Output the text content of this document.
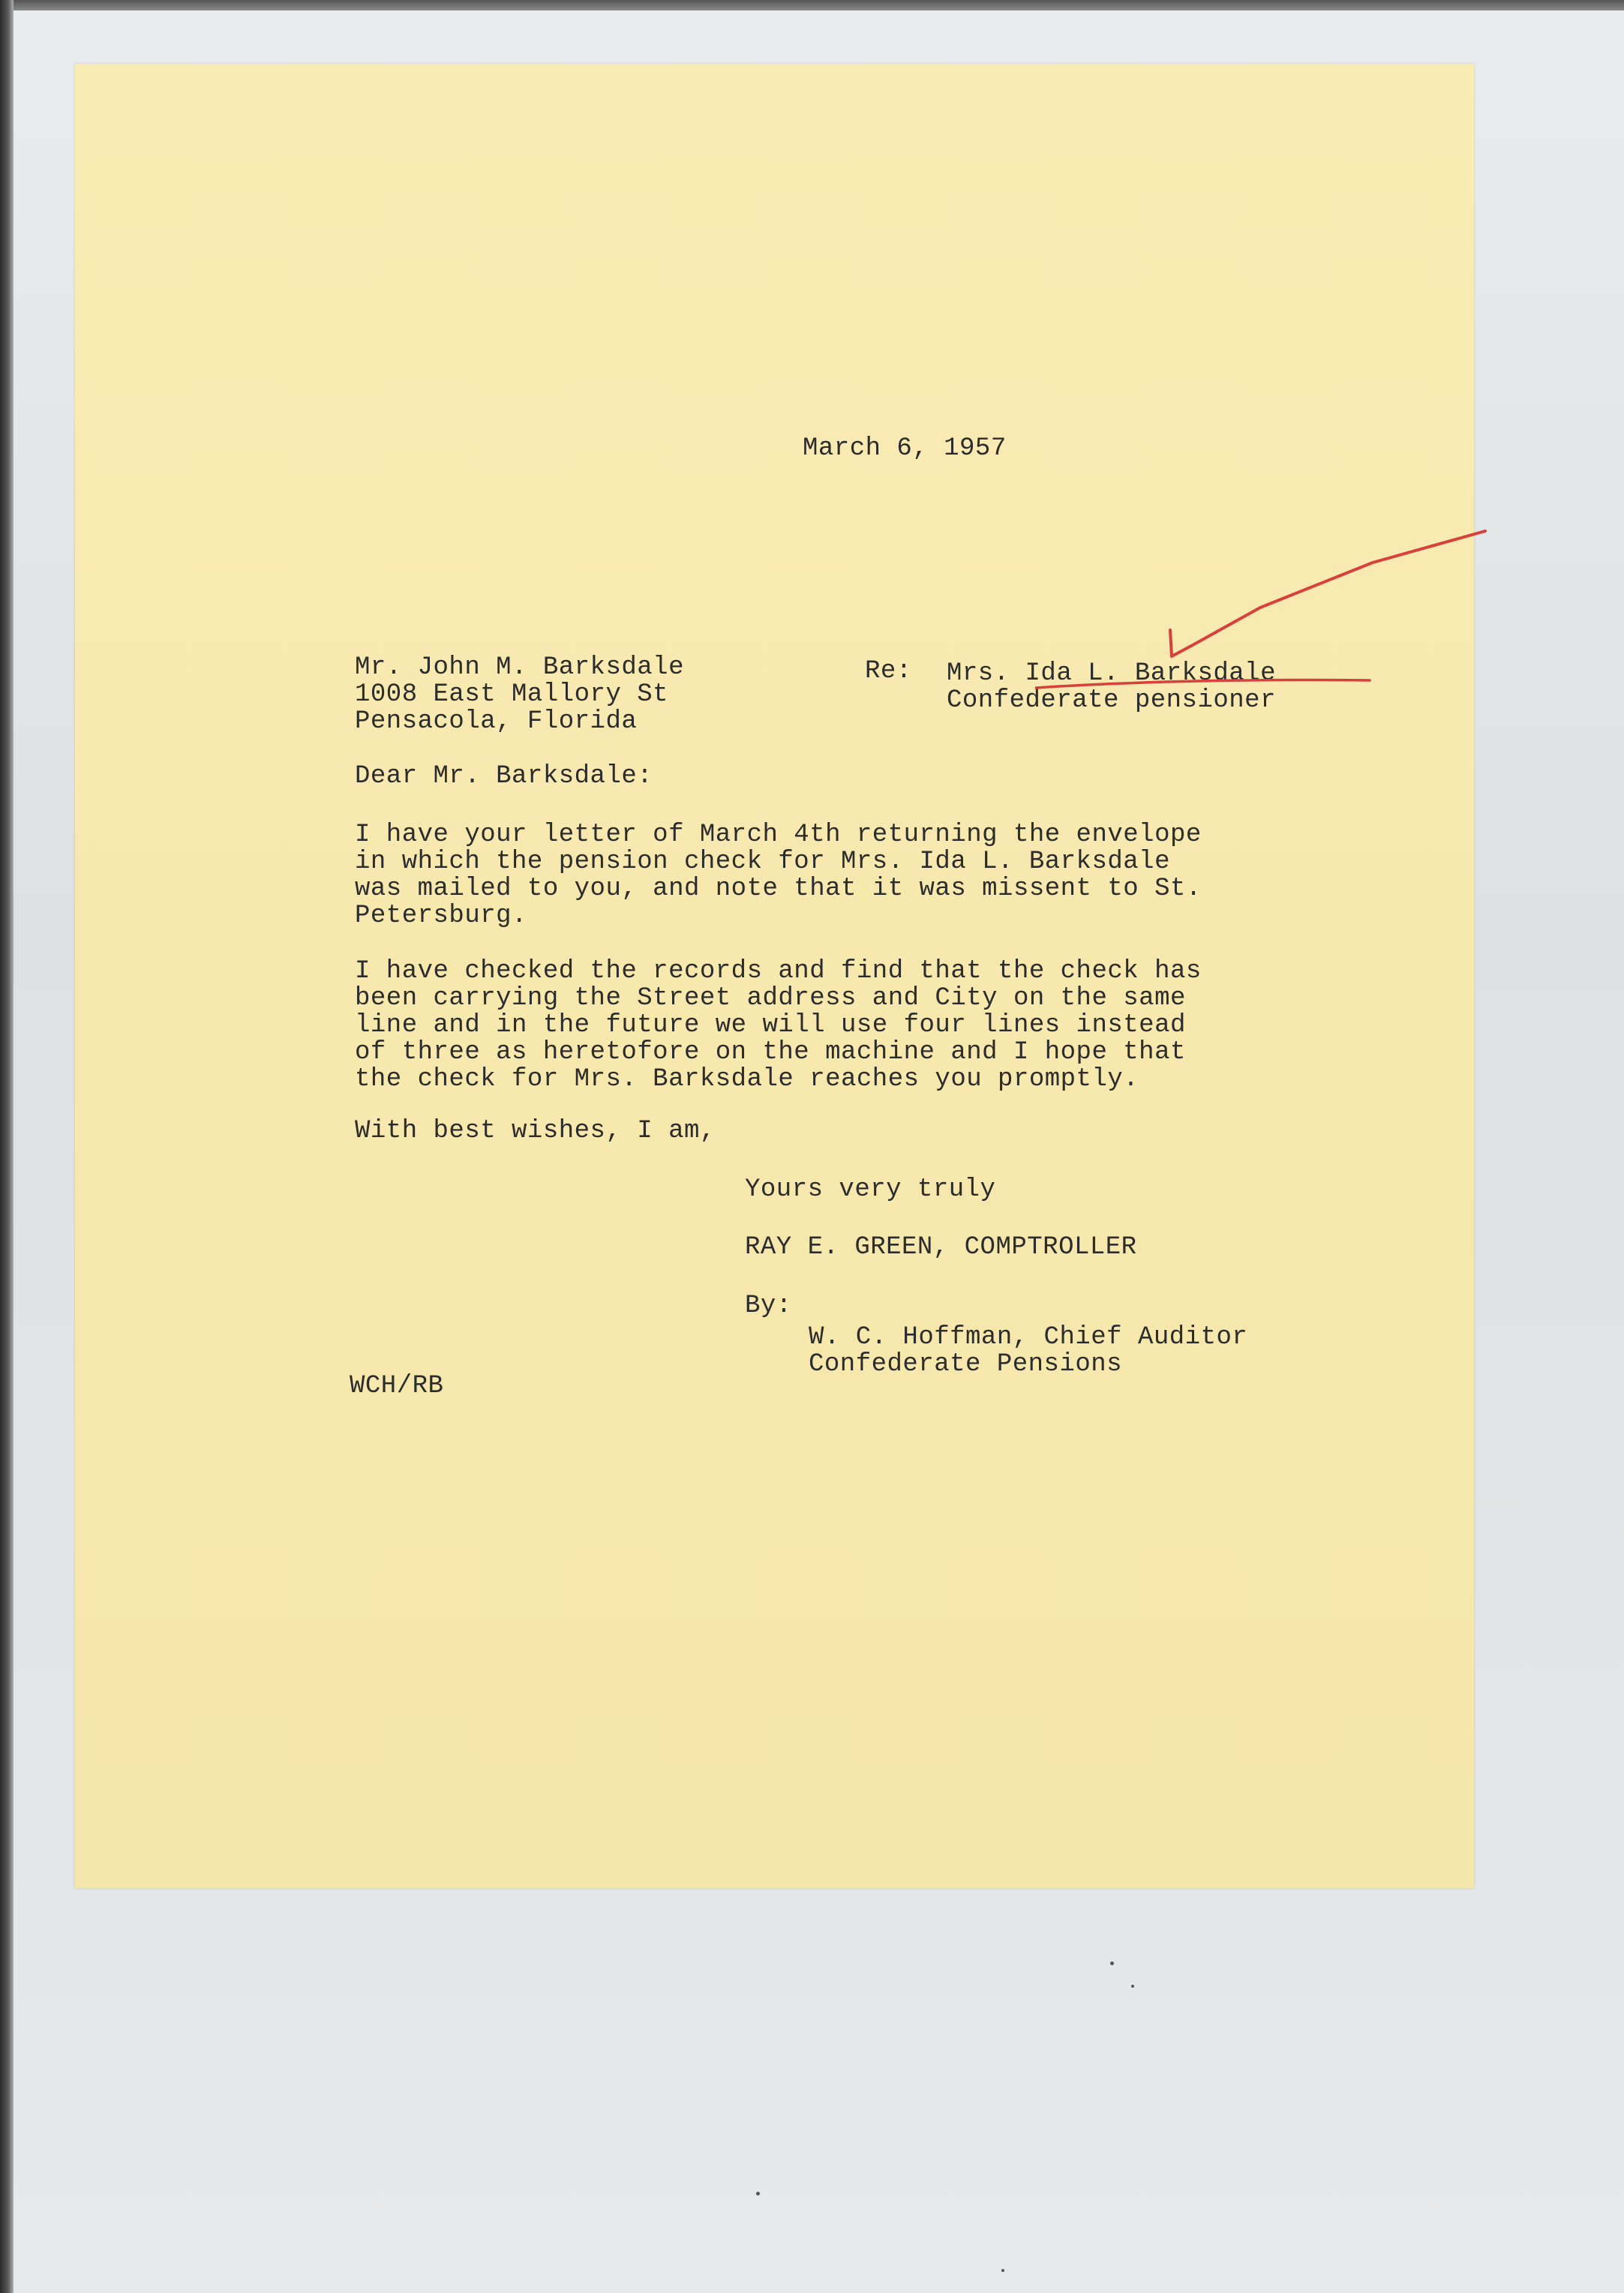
March 6, 1957
Mr. John M. Barksdale
1008 East Mallory St
Pensacola, Florida
Re: Mrs. Ida L. Barksdale
Confederate pensioner
Dear Mr. Barksdale:
I have your letter of March 4th returning the envelope
in which the pension check for Mrs. Ida L. Barksdale
was mailed to you, and note that it was missent to St.
Petersburg.
I have checked the records and find that the check has
been carrying the Street address and City on the same
line and in the future we will use four lines instead
of three as heretofore on the machine and I hope that
the check for Mrs. Barksdale reaches you promptly.
With best wishes, I am,
Yours very truly
RAY E. GREEN, COMPTROLLER
By:
W. C. Hoffman, Chief Auditor
Confederate Pensions
WCH/RB
